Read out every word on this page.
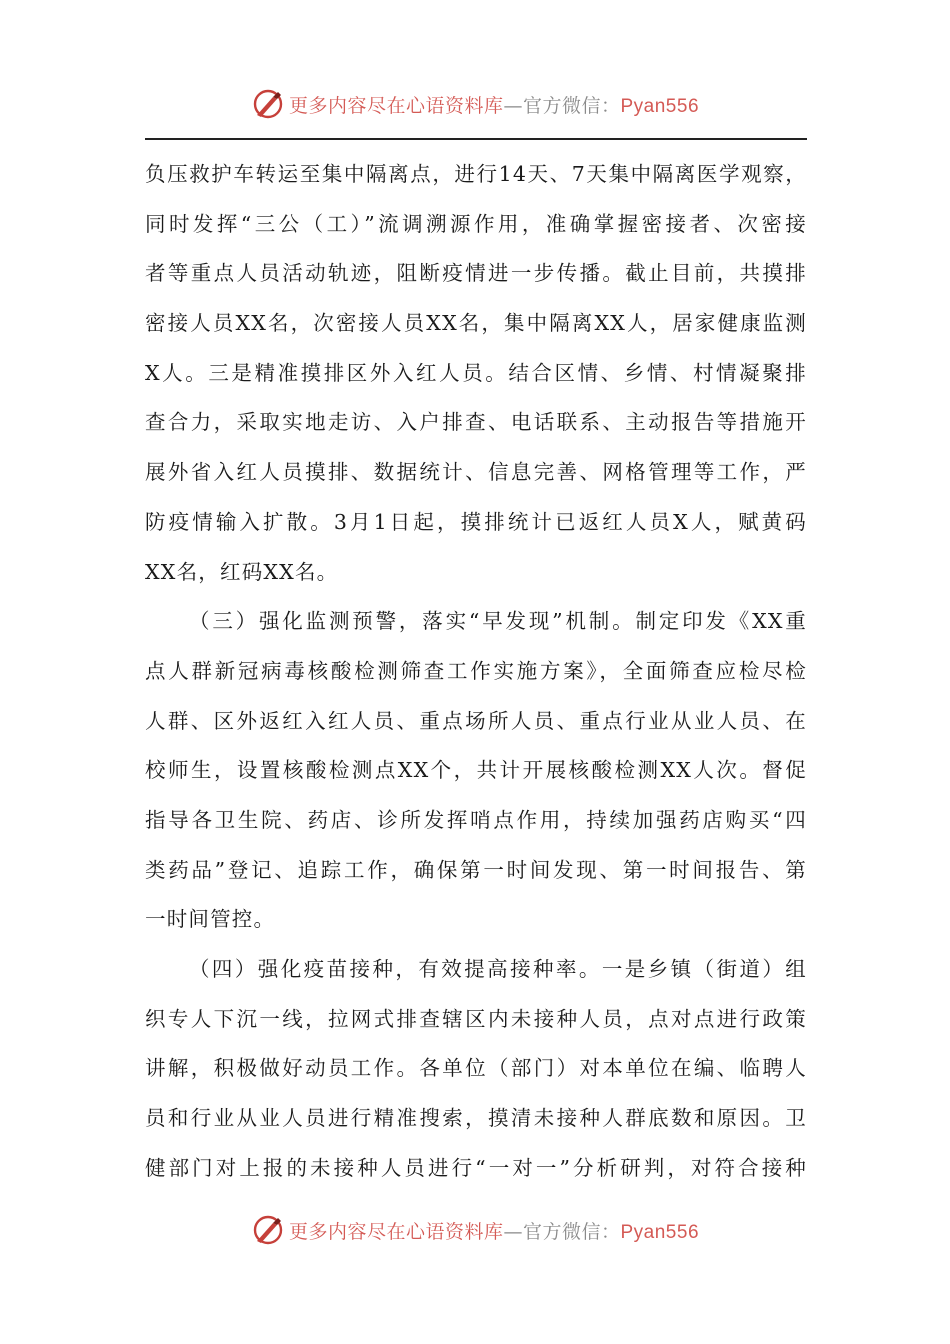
更多内容尽在心语资料库—官方微信：Pyan556
负压救护车转运至集中隔离点，进行14天、7天集中隔离医学观察，
同时发挥“三公（工）”流调溯源作用，准确掌握密接者、次密接
者等重点人员活动轨迹，阻断疫情进一步传播。截止目前，共摸排
密接人员XX名，次密接人员XX名，集中隔离XX人，居家健康监测
X人。三是精准摸排区外入红人员。结合区情、乡情、村情凝聚排
查合力，采取实地走访、入户排查、电话联系、主动报告等措施开
展外省入红人员摸排、数据统计、信息完善、网格管理等工作，严
防疫情输入扩散。3月1日起，摸排统计已返红人员X人，赋黄码
XX名，红码XX名。
（三）强化监测预警，落实“早发现”机制。制定印发《XX重
点人群新冠病毒核酸检测筛查工作实施方案》，全面筛查应检尽检
人群、区外返红入红人员、重点场所人员、重点行业从业人员、在
校师生，设置核酸检测点XX个，共计开展核酸检测XX人次。督促
指导各卫生院、药店、诊所发挥哨点作用，持续加强药店购买“四
类药品”登记、追踪工作，确保第一时间发现、第一时间报告、第
一时间管控。
（四）强化疫苗接种，有效提高接种率。一是乡镇（街道）组
织专人下沉一线，拉网式排查辖区内未接种人员，点对点进行政策
讲解，积极做好动员工作。各单位（部门）对本单位在编、临聘人
员和行业从业人员进行精准搜索，摸清未接种人群底数和原因。卫
健部门对上报的未接种人员进行“一对一”分析研判，对符合接种
更多内容尽在心语资料库—官方微信：Pyan556
